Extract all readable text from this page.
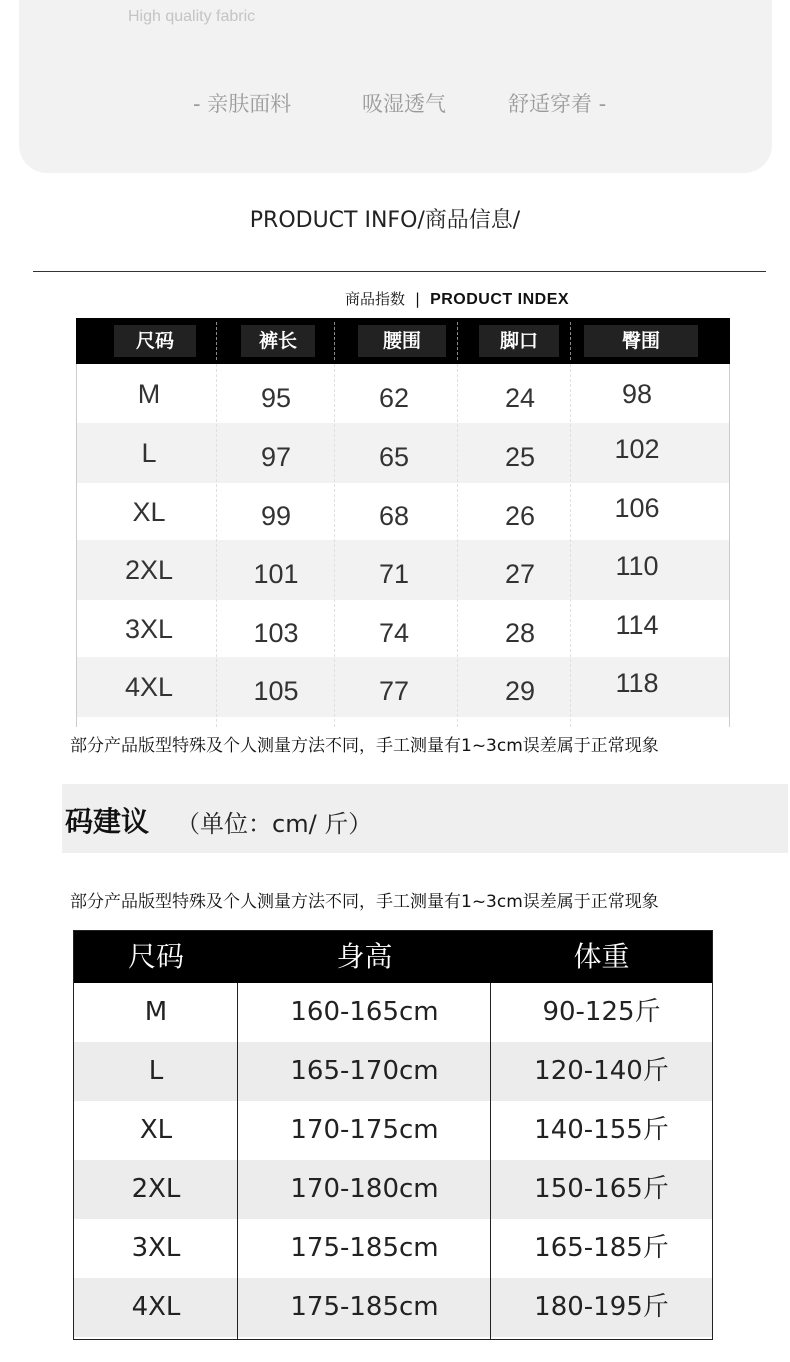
High quality fabric
- 亲肤面料	吸湿透气	舒适穿着 -
PRODUCT INFO/商品信息/
商品指数 | PRODUCT INDEX
尺码	裤长	腰围	脚口	臀围
M	95	62	24	98
L	97	65	25	102
XL	99	68	26	106
2XL	101	71	27	110
3XL	103	74	28	114
4XL	105	77	29	118
部分产品版型特殊及个人测量方法不同，手工测量有1~3cm误差属于正常现象
码建议 （单位：cm/ 斤）
部分产品版型特殊及个人测量方法不同，手工测量有1~3cm误差属于正常现象
尺码	身高	体重
M	160-165cm	90-125斤
L	165-170cm	120-140斤
XL	170-175cm	140-155斤
2XL	170-180cm	150-165斤
3XL	175-185cm	165-185斤
4XL	175-185cm	180-195斤
